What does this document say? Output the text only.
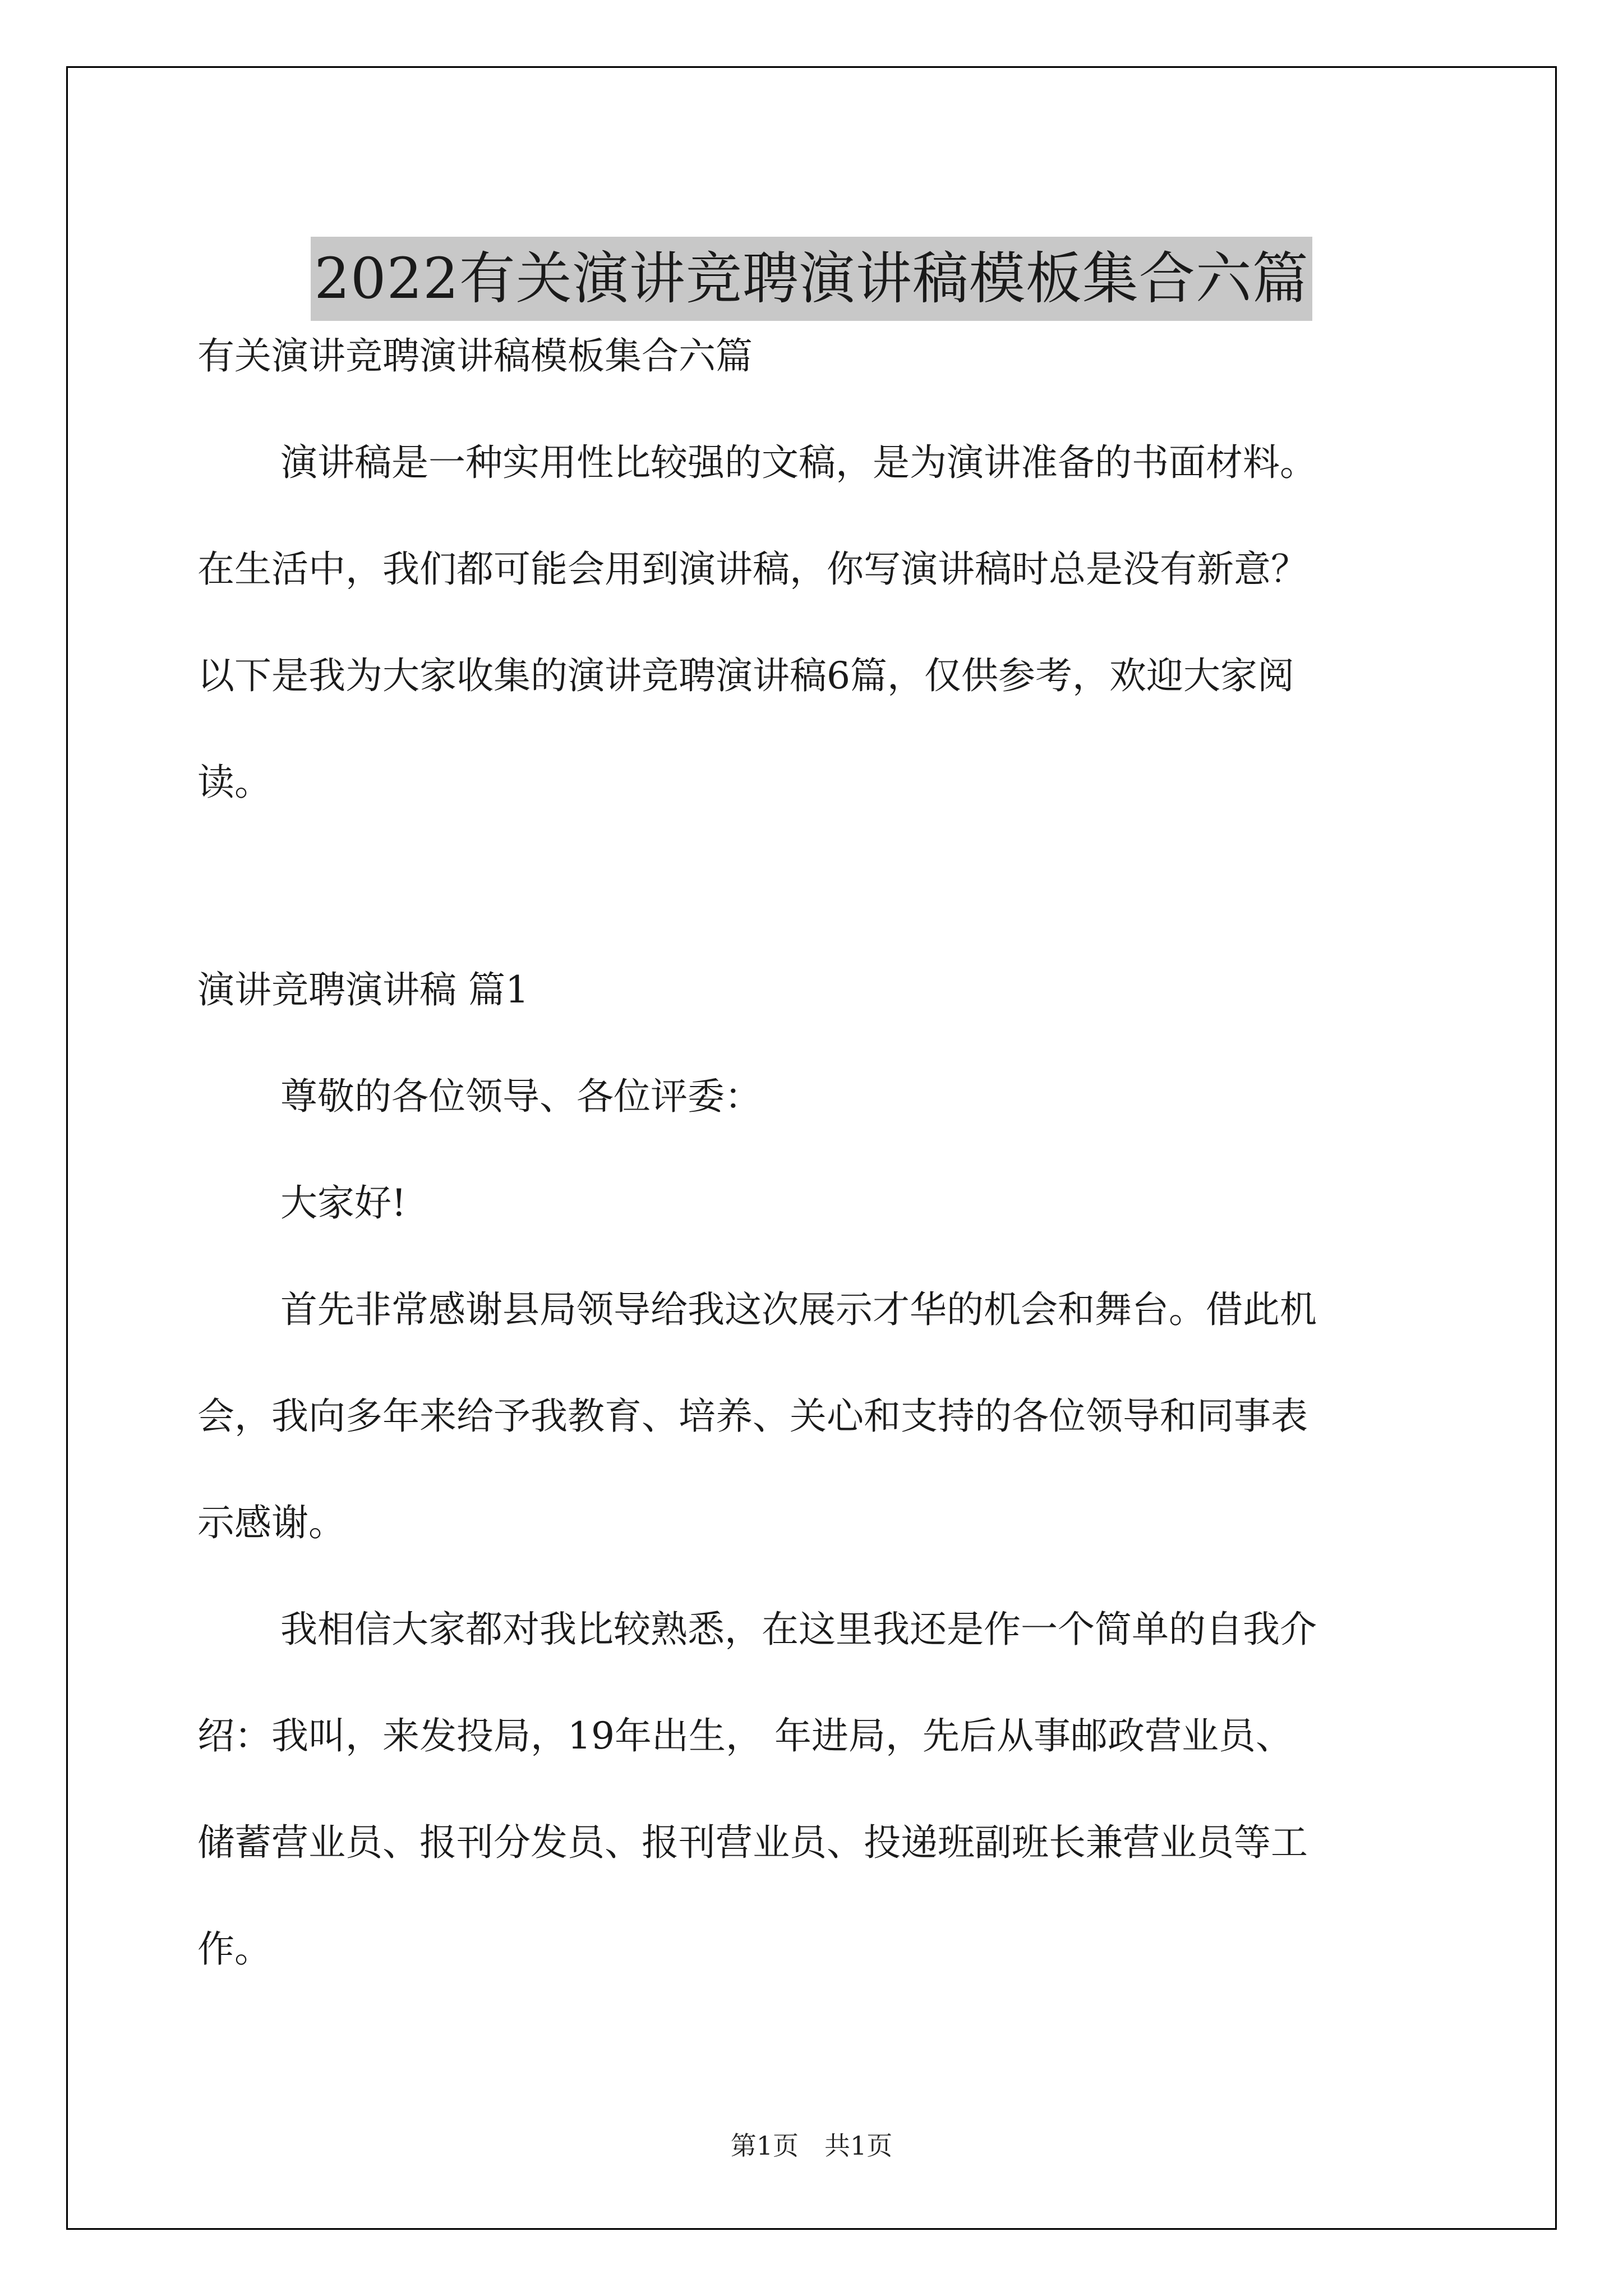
2022有关演讲竞聘演讲稿模板集合六篇
有关演讲竞聘演讲稿模板集合六篇
演讲稿是一种实用性比较强的文稿，是为演讲准备的书面材料。
在生活中，我们都可能会用到演讲稿，你写演讲稿时总是没有新意？
以下是我为大家收集的演讲竞聘演讲稿6篇，仅供参考，欢迎大家阅
读。
演讲竞聘演讲稿 篇1
尊敬的各位领导、各位评委：
大家好!
首先非常感谢县局领导给我这次展示才华的机会和舞台。借此机
会，我向多年来给予我教育、培养、关心和支持的各位领导和同事表
示感谢。
我相信大家都对我比较熟悉，在这里我还是作一个简单的自我介
绍：我叫，来发投局，19年出生， 年进局，先后从事邮政营业员、
储蓄营业员、报刊分发员、报刊营业员、投递班副班长兼营业员等工
作。
第1页　共1页
